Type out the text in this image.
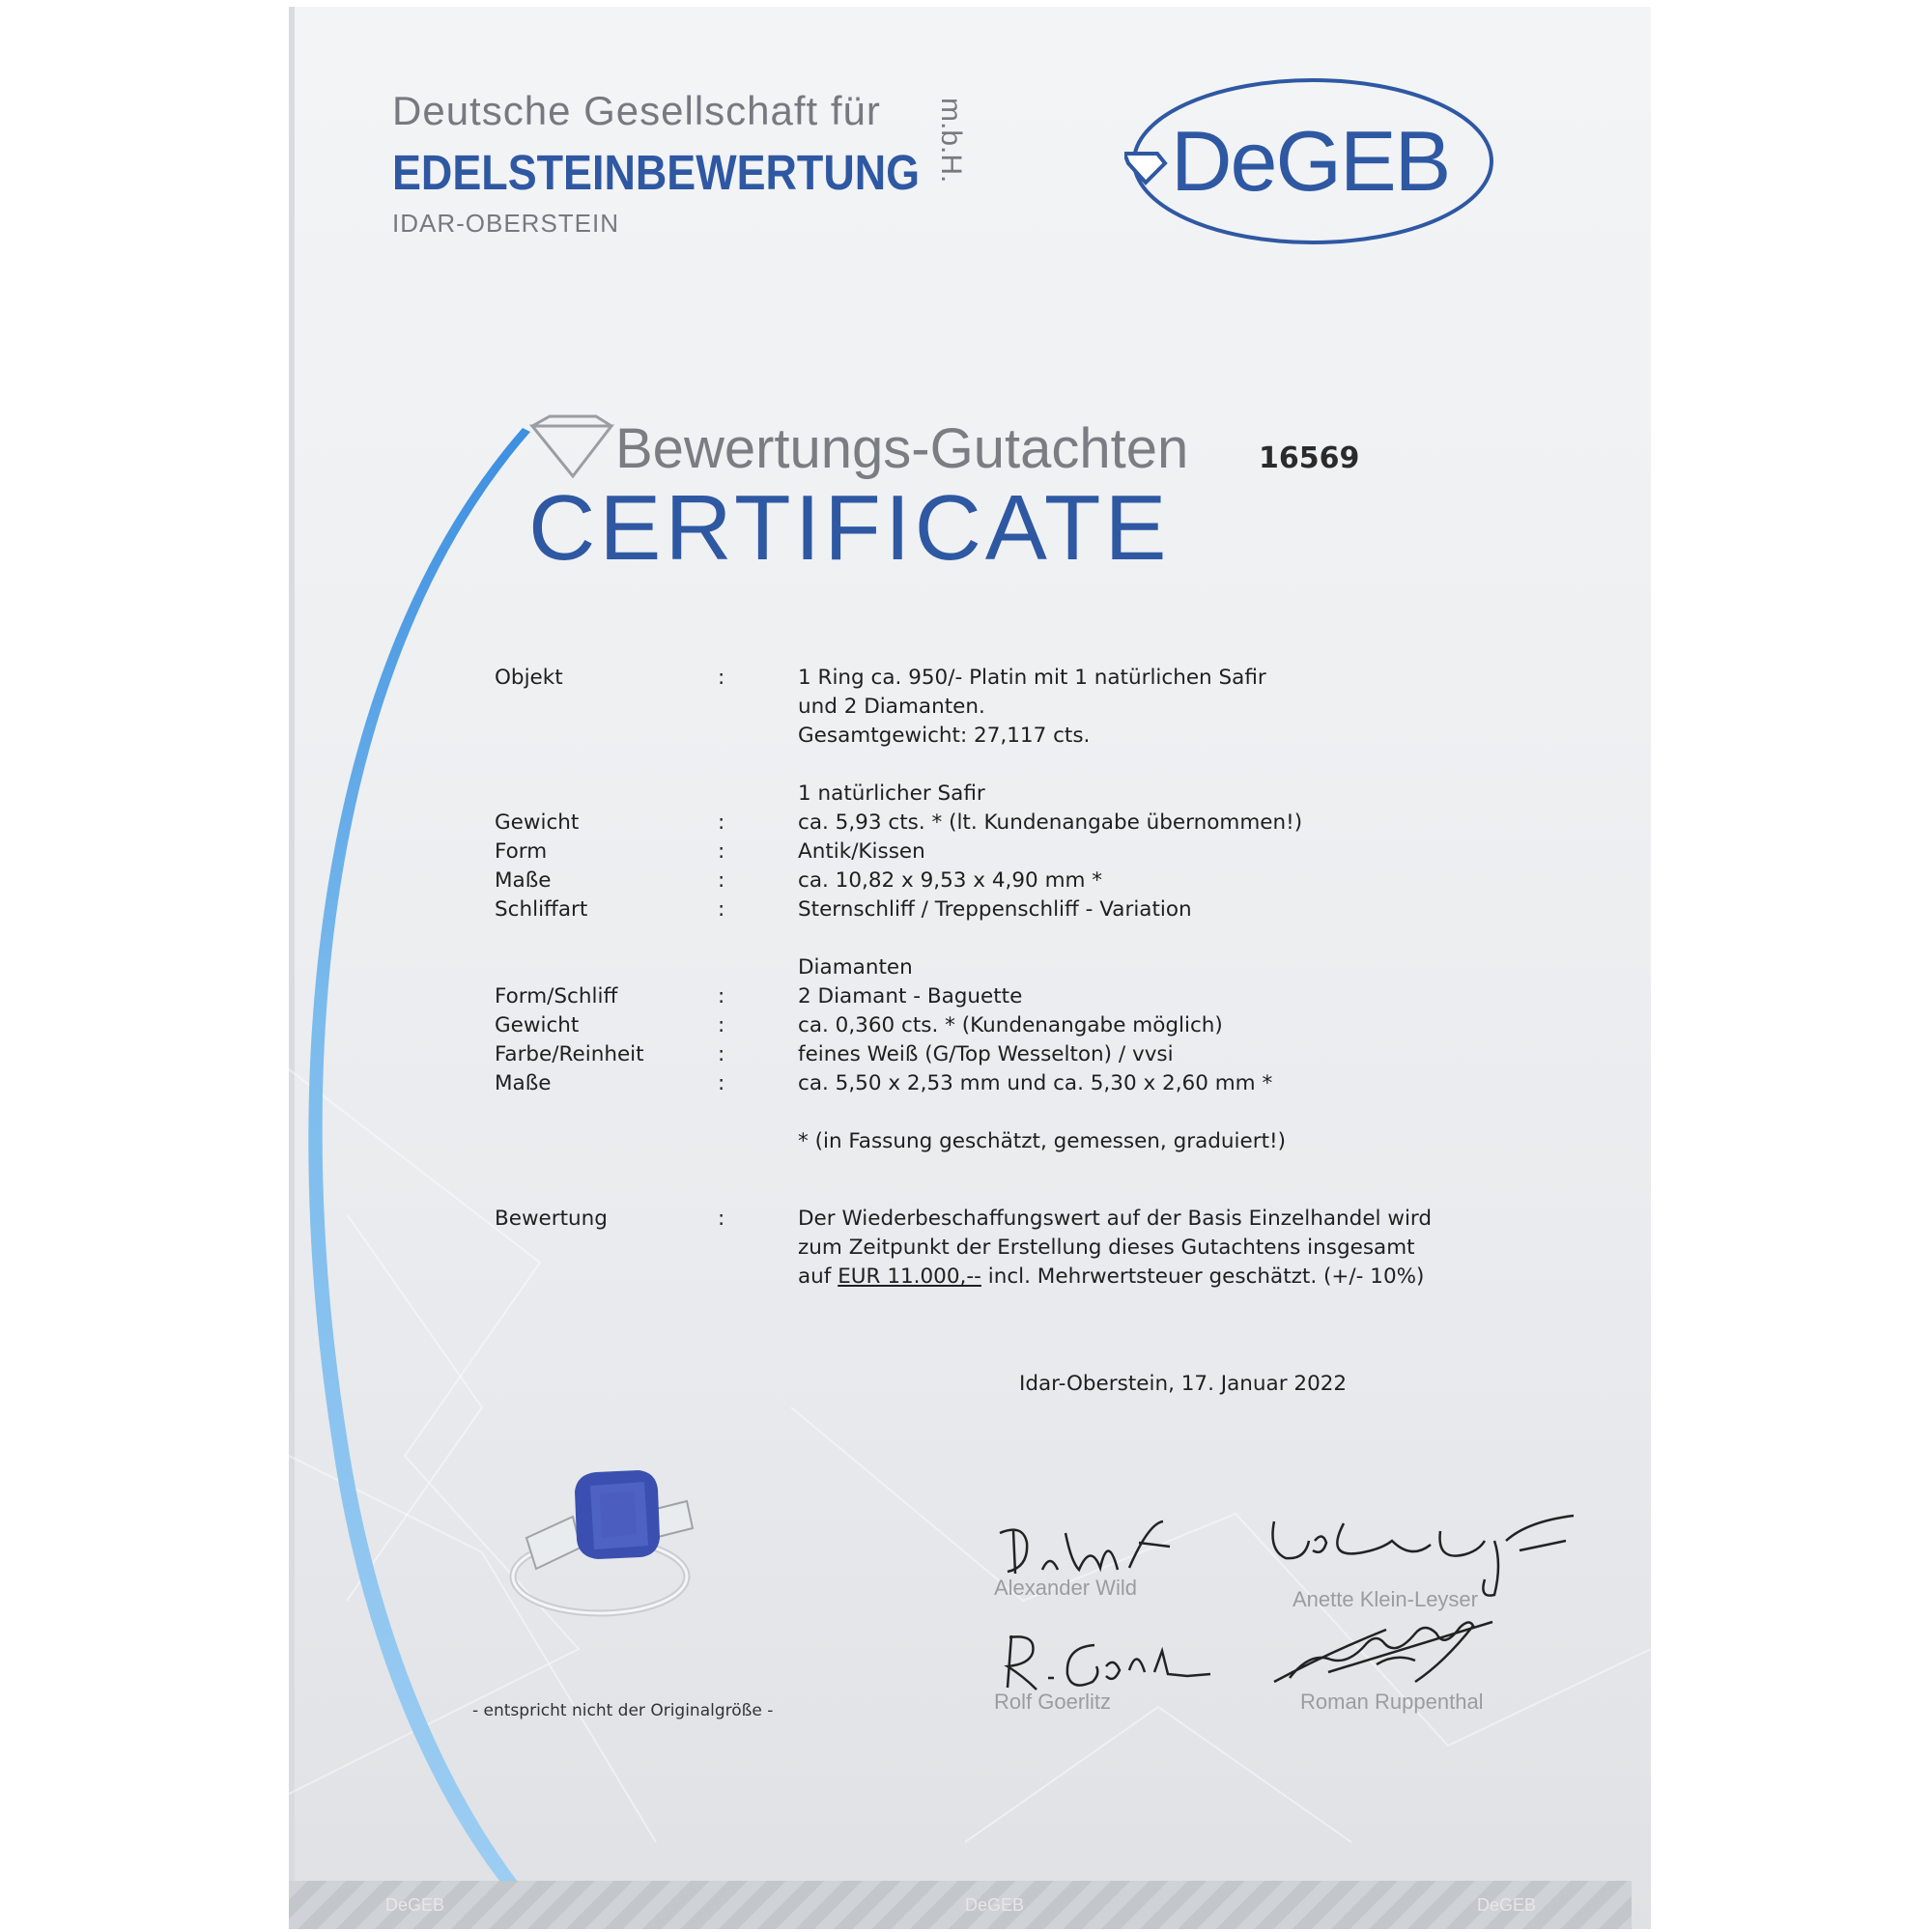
DeGEB	DeGEB	DeGEB
Deutsche Gesellschaft für
EDELSTEINBEWERTUNG
IDAR-OBERSTEIN
m.b.H. DeGEB
Bewertungs-Gutachten
CERTIFICATE
16569
Objekt	:	1 Ring ca. 950/- Platin mit 1 natürlichen Safir
und 2 Diamanten.
Gesamtgewicht: 27,117 cts.
1 natürlicher Safir
Gewicht	:	ca. 5,93 cts. * (lt. Kundenangabe übernommen!)
Form	:	Antik/Kissen
Maße	:	ca. 10,82 x 9,53 x 4,90 mm *
Schliffart	:	Sternschliff / Treppenschliff - Variation
Diamanten
Form/Schliff	:	2 Diamant - Baguette
Gewicht	:	ca. 0,360 cts. * (Kundenangabe möglich)
Farbe/Reinheit	:	feines Weiß (G/Top Wesselton) / vvsi
Maße	:	ca. 5,50 x 2,53 mm und ca. 5,30 x 2,60 mm *
* (in Fassung geschätzt, gemessen, graduiert!)
Bewertung	:	Der Wiederbeschaffungswert auf der Basis Einzelhandel wird
zum Zeitpunkt der Erstellung dieses Gutachtens insgesamt
auf EUR 11.000,-- incl. Mehrwertsteuer geschätzt. (+/- 10%)
Idar-Oberstein, 17. Januar 2022
- entspricht nicht der Originalgröße -
Alexander Wild	Anette Klein-Leyser
Rolf Goerlitz	Roman Ruppenthal
